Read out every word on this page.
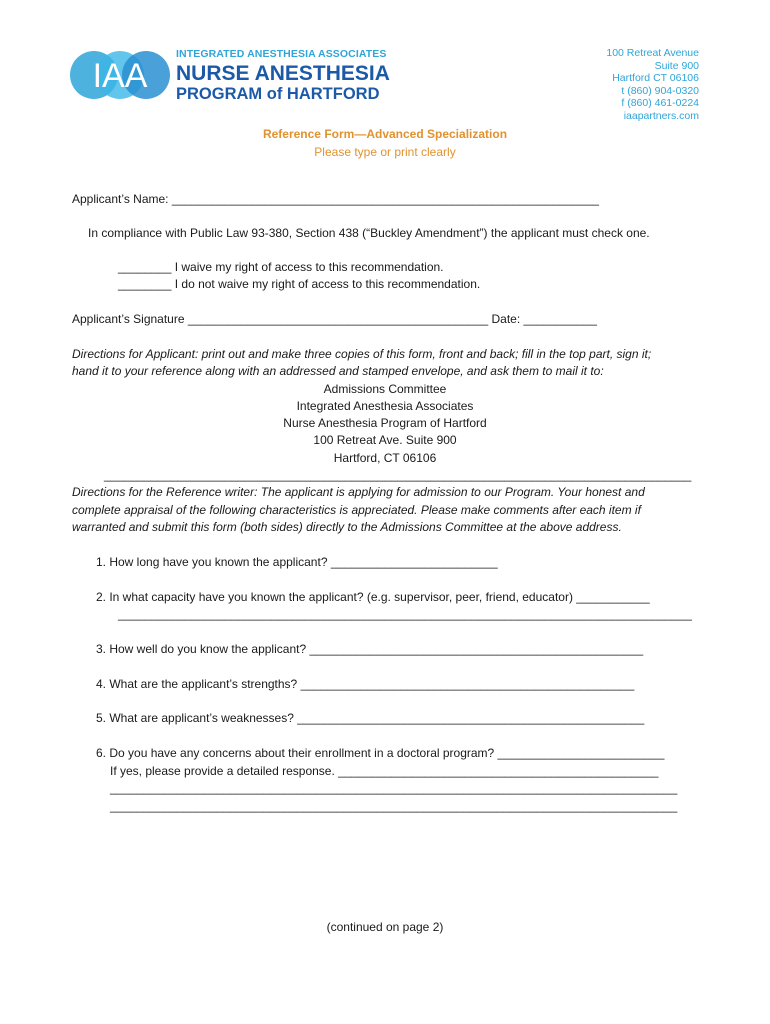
IAA
INTEGRATED ANESTHESIA ASSOCIATES
NURSE ANESTHESIA
PROGRAM of HARTFORD
100 Retreat Avenue
Suite 900
Hartford CT 06106
t (860) 904-0320
f (860) 461-0224
iaapartners.com
Reference Form—Advanced Specialization
Please type or print clearly
Applicant’s Name: ________________________________________________________________
In compliance with Public Law 93-380, Section 438 (“Buckley Amendment”) the applicant must check one.
________ I waive my right of access to this recommendation.
________ I do not waive my right of access to this recommendation.
Applicant’s Signature _____________________________________________ Date: ___________
Directions for Applicant: print out and make three copies of this form, front and back; fill in the top part, sign it;
hand it to your reference along with an addressed and stamped envelope, and ask them to mail it to:
Admissions Committee
Integrated Anesthesia Associates
Nurse Anesthesia Program of Hartford
100 Retreat Ave. Suite 900
Hartford, CT 06106
________________________________________________________________________________________
Directions for the Reference writer: The applicant is applying for admission to our Program. Your honest and
complete appraisal of the following characteristics is appreciated. Please make comments after each item if
warranted and submit this form (both sides) directly to the Admissions Committee at the above address.
1. How long have you known the applicant? _________________________
2. In what capacity have you known the applicant? (e.g. supervisor, peer, friend, educator) ___________
______________________________________________________________________________________
3. How well do you know the applicant? __________________________________________________
4. What are the applicant’s strengths? __________________________________________________
5. What are applicant’s weaknesses? ____________________________________________________
6. Do you have any concerns about their enrollment in a doctoral program? _________________________
If yes, please provide a detailed response. ________________________________________________
_____________________________________________________________________________________
_____________________________________________________________________________________
(continued on page 2)
